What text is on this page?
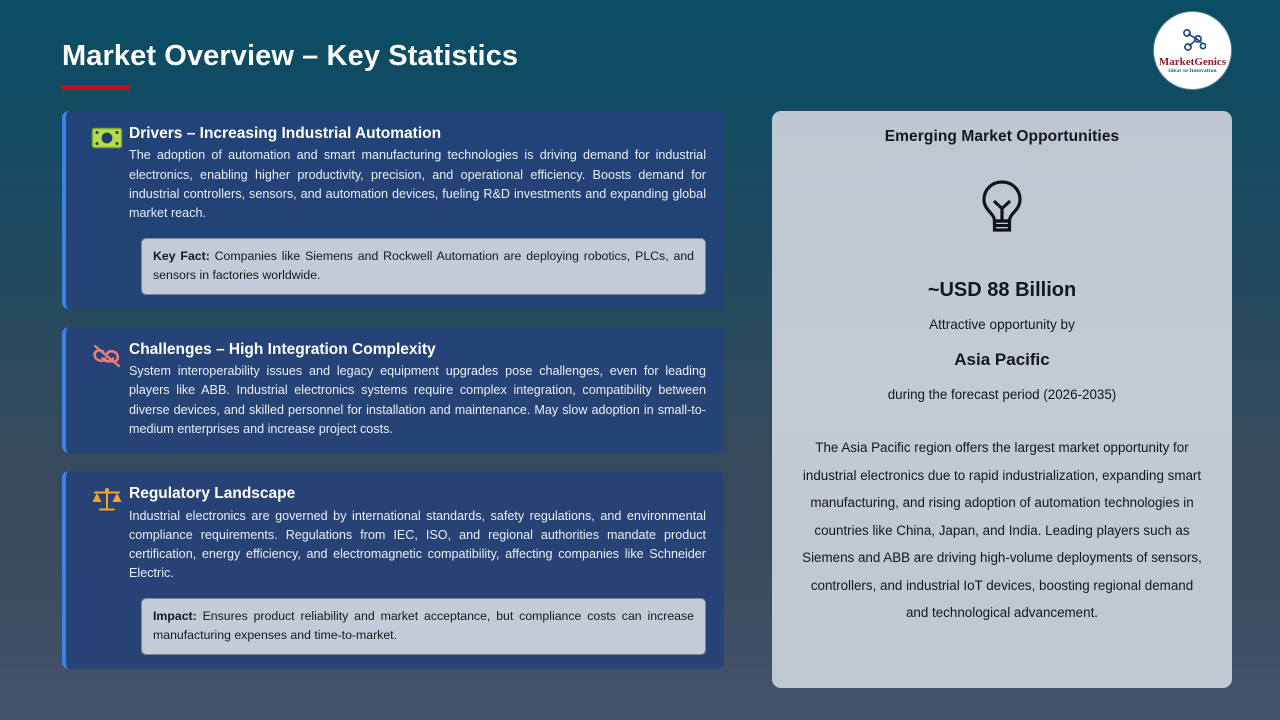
Market Overview – Key Statistics	MarketGenics
Ideas to Innovation
Drivers – Increasing Industrial Automation
The adoption of automation and smart manufacturing technologies is driving demand for industrial electronics, enabling higher productivity, precision, and operational efficiency. Boosts demand for industrial controllers, sensors, and automation devices, fueling R&D investments and expanding global market reach.
Key Fact: Companies like Siemens and Rockwell Automation are deploying robotics, PLCs, and sensors in factories worldwide.
Challenges – High Integration Complexity
System interoperability issues and legacy equipment upgrades pose challenges, even for leading players like ABB. Industrial electronics systems require complex integration, compatibility between diverse devices, and skilled personnel for installation and maintenance. May slow adoption in small-to-medium enterprises and increase project costs.
Regulatory Landscape
Industrial electronics are governed by international standards, safety regulations, and environmental compliance requirements. Regulations from IEC, ISO, and regional authorities mandate product certification, energy efficiency, and electromagnetic compatibility, affecting companies like Schneider Electric.
Impact: Ensures product reliability and market acceptance, but compliance costs can increase manufacturing expenses and time-to-market.
Emerging Market Opportunities
~USD 88 Billion
Attractive opportunity by
Asia Pacific
during the forecast period (2026-2035)
The Asia Pacific region offers the largest market opportunity for industrial electronics due to rapid industrialization, expanding smart manufacturing, and rising adoption of automation technologies in countries like China, Japan, and India. Leading players such as Siemens and ABB are driving high-volume deployments of sensors, controllers, and industrial IoT devices, boosting regional demand and technological advancement.
